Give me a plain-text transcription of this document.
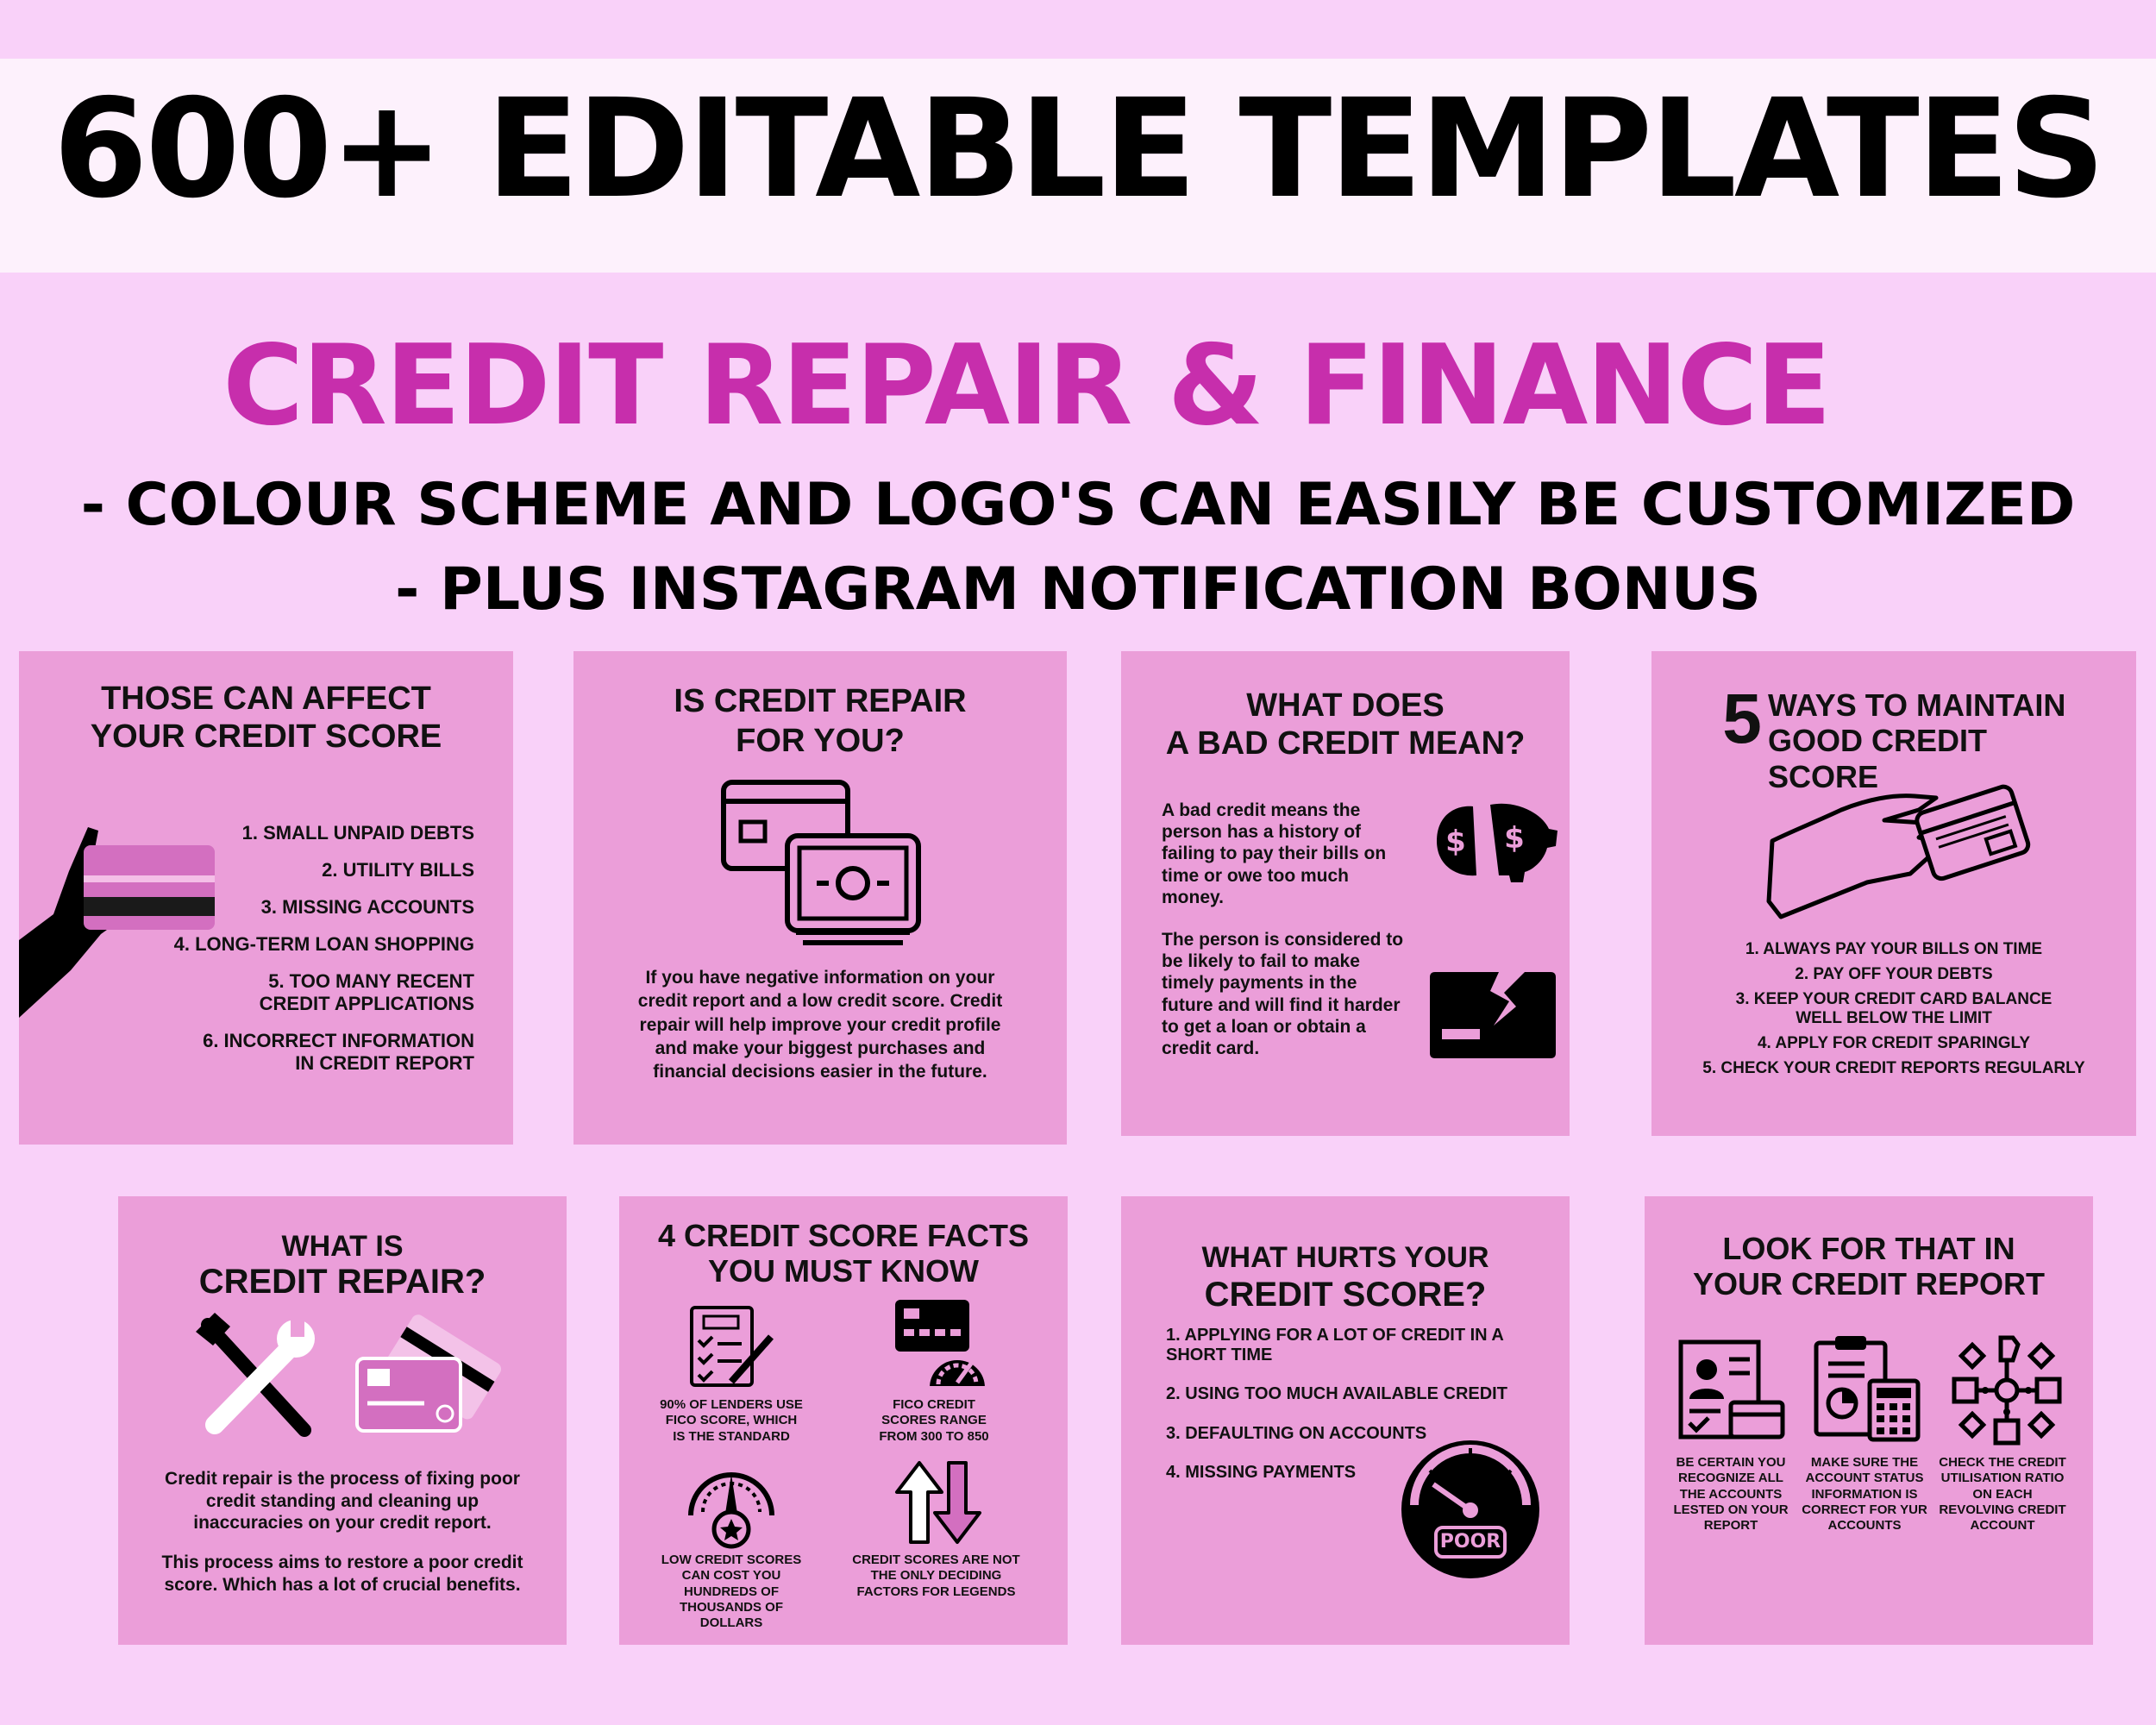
600+ EDITABLE TEMPLATES
CREDIT REPAIR & FINANCE
- COLOUR SCHEME AND LOGO'S CAN EASILY BE CUSTOMIZED
- PLUS INSTAGRAM NOTIFICATION BONUS
THOSE CAN AFFECT
YOUR CREDIT SCORE
1. SMALL UNPAID DEBTS
2. UTILITY BILLS
3. MISSING ACCOUNTS
4. LONG-TERM LOAN SHOPPING
5. TOO MANY RECENT CREDIT APPLICATIONS
6. INCORRECT INFORMATION IN CREDIT REPORT
IS CREDIT REPAIR
FOR YOU?
If you have negative information on your credit report and a low credit score. Credit repair will help improve your credit profile and make your biggest purchases and financial decisions easier in the future.
WHAT DOES
A BAD CREDIT MEAN?
A bad credit means the person has a history of failing to pay their bills on time or owe too much money.
The person is considered to be likely to fail to make timely payments in the future and will find it harder to get a loan or obtain a credit card.
$ $
5 WAYS TO MAINTAIN
GOOD CREDIT SCORE
1. ALWAYS PAY YOUR BILLS ON TIME
2. PAY OFF YOUR DEBTS
3. KEEP YOUR CREDIT CARD BALANCE WELL BELOW THE LIMIT
4. APPLY FOR CREDIT SPARINGLY
5. CHECK YOUR CREDIT REPORTS REGULARLY
WHAT IS
CREDIT REPAIR?
Credit repair is the process of fixing poor credit standing and cleaning up inaccuracies on your credit report.
This process aims to restore a poor credit score. Which has a lot of crucial benefits.
4 CREDIT SCORE FACTS
YOU MUST KNOW
90% OF LENDERS USE FICO SCORE, WHICH IS THE STANDARD
FICO CREDIT SCORES RANGE FROM 300 TO 850
LOW CREDIT SCORES CAN COST YOU HUNDREDS OF THOUSANDS OF DOLLARS
CREDIT SCORES ARE NOT THE ONLY DECIDING FACTORS FOR LEGENDS
WHAT HURTS YOUR
CREDIT SCORE?
1. APPLYING FOR A LOT OF CREDIT IN A SHORT TIME
2. USING TOO MUCH AVAILABLE CREDIT
3. DEFAULTING ON ACCOUNTS
4. MISSING PAYMENTS
POOR
LOOK FOR THAT IN
YOUR CREDIT REPORT
BE CERTAIN YOU RECOGNIZE ALL THE ACCOUNTS LESTED ON YOUR REPORT
MAKE SURE THE ACCOUNT STATUS INFORMATION IS CORRECT FOR YUR ACCOUNTS
CHECK THE CREDIT UTILISATION RATIO ON EACH REVOLVING CREDIT ACCOUNT
